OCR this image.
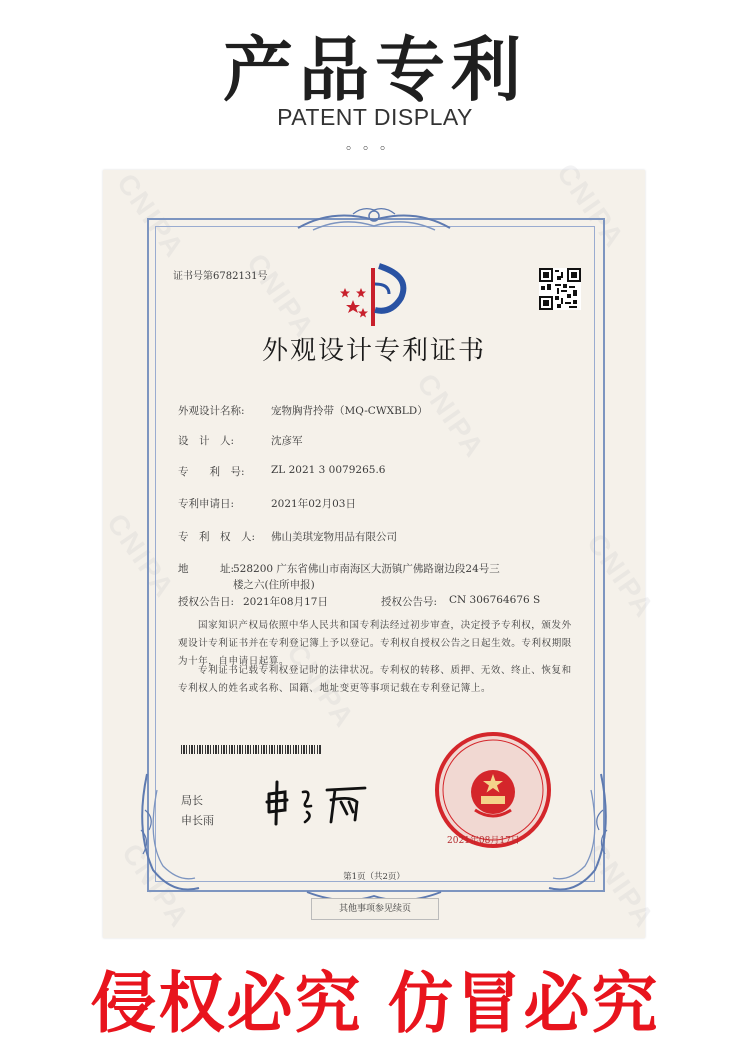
产品专利
PATENT DISPLAY
。。。
CNIPA	CNIPA
CNIPA
CNIPA
CNIPA	CNIPA
CNIPA
CNIPA	CNIPA
证书号第6782131号
外观设计专利证书
外观设计名称:	宠物胸背拎带（MQ-CWXBLD）
设　计　人:	沈彦军
专　　利　号:	ZL 2021 3 0079265.6
专利申请日:	2021年02月03日
专　利　权　人: 佛山美琪宠物用品有限公司
地　　　址:
528200 广东省佛山市南海区大沥镇广佛路谢边段24号三
楼之六(住所申报)
授权公告日: 2021年08月17日	授权公告号: CN 306764676 S
国家知识产权局依照中华人民共和国专利法经过初步审查，决定授予专利权，颁发外观设计专利证书并在专利登记簿上予以登记。专利权自授权公告之日起生效。专利权期限为十年，自申请日起算。
专利证书记载专利权登记时的法律状况。专利权的转移、质押、无效、终止、恢复和专利权人的姓名或名称、国籍、地址变更等事项记载在专利登记簿上。
局长
申长雨
2021年08月17日
第1页（共2页）
其他事项参见续页
侵权必究 仿冒必究
